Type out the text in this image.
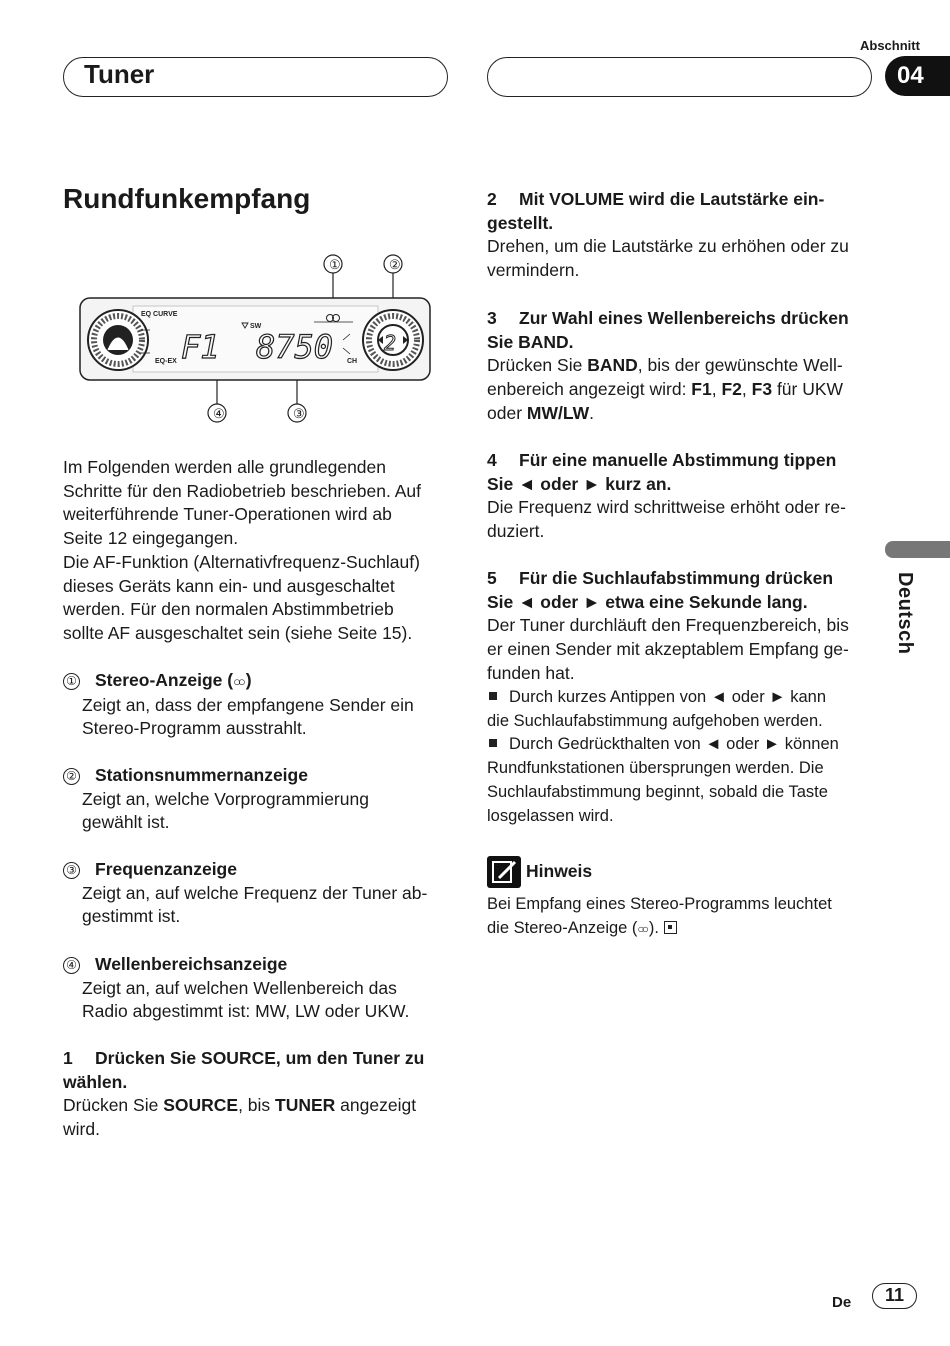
Tuner
Abschnitt
04
Rundfunkempfang
①	②
③
④
EQ CURVE
EQ-EX
SW
CH
F1 8750	2
Im Folgenden werden alle grundlegenden
Schritte für den Radiobetrieb beschrieben. Auf
weiterführende Tuner-Operationen wird ab
Seite 12 eingegangen.
Die AF-Funktion (Alternativfrequenz-Suchlauf)
dieses Geräts kann ein- und ausgeschaltet
werden. Für den normalen Abstimmbetrieb
sollte AF ausgeschaltet sein (siehe Seite 15).
① Stereo-Anzeige (○○ )
Zeigt an, dass der empfangene Sender ein
Stereo-Programm ausstrahlt.
② Stationsnummernanzeige
Zeigt an, welche Vorprogrammierung
gewählt ist.
③ Frequenzanzeige
Zeigt an, auf welche Frequenz der Tuner ab-
gestimmt ist.
④ Wellenbereichsanzeige
Zeigt an, auf welchen Wellenbereich das
Radio abgestimmt ist: MW, LW oder UKW.
1 Drücken Sie SOURCE, um den Tuner zu
wählen.
Drücken Sie SOURCE, bis TUNER angezeigt
wird.
2 Mit VOLUME wird die Lautstärke ein-
gestellt.
Drehen, um die Lautstärke zu erhöhen oder zu
vermindern.
3 Zur Wahl eines Wellenbereichs drücken
Sie BAND.
Drücken Sie BAND, bis der gewünschte Well-
enbereich angezeigt wird: F1, F2, F3 für UKW
oder MW/LW.
4 Für eine manuelle Abstimmung tippen
Sie ◄ oder ► kurz an.
Die Frequenz wird schrittweise erhöht oder re-
duziert.
5 Für die Suchlaufabstimmung drücken
Sie ◄ oder ► etwa eine Sekunde lang.
Der Tuner durchläuft den Frequenzbereich, bis
er einen Sender mit akzeptablem Empfang ge-
funden hat.
Durch kurzes Antippen von ◄ oder ► kann
die Suchlaufabstimmung aufgehoben werden.
Durch Gedrückthalten von ◄ oder ► können
Rundfunkstationen übersprungen werden. Die
Suchlaufabstimmung beginnt, sobald die Taste
losgelassen wird.
Hinweis
Bei Empfang eines Stereo-Programms leuchtet
die Stereo-Anzeige (○○ ).
Deutsch
De	11
